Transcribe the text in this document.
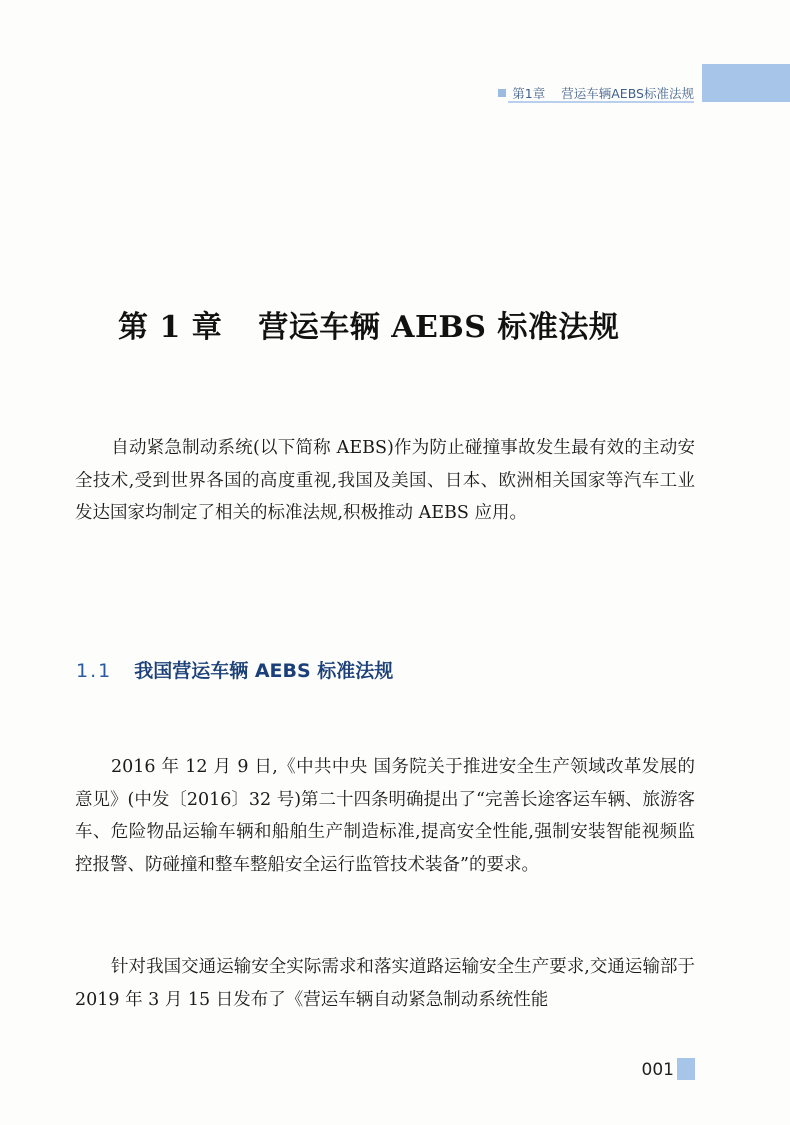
第1章 营运车辆AEBS标准法规
第 1 章 营运车辆 AEBS 标准法规

自动紧急制动系统(以下简称 AEBS)作为防止碰撞事故发生最有效的主动安全技术,受到世界各国的高度重视,我国及美国、日本、欧洲相关国家等汽车工业发达国家均制定了相关的标准法规,积极推动 AEBS 应用。

1.1 我国营运车辆 AEBS 标准法规

2016 年 12 月 9 日,《中共中央 国务院关于推进安全生产领域改革发展的意见》(中发〔2016〕32 号)第二十四条明确提出了“完善长途客运车辆、旅游客车、危险物品运输车辆和船舶生产制造标准,提高安全性能,强制安装智能视频监控报警、防碰撞和整车整船安全运行监管技术装备”的要求。

针对我国交通运输安全实际需求和落实道路运输安全生产要求,交通运输部于 2019 年 3 月 15 日发布了《营运车辆自动紧急制动系统性能

001
